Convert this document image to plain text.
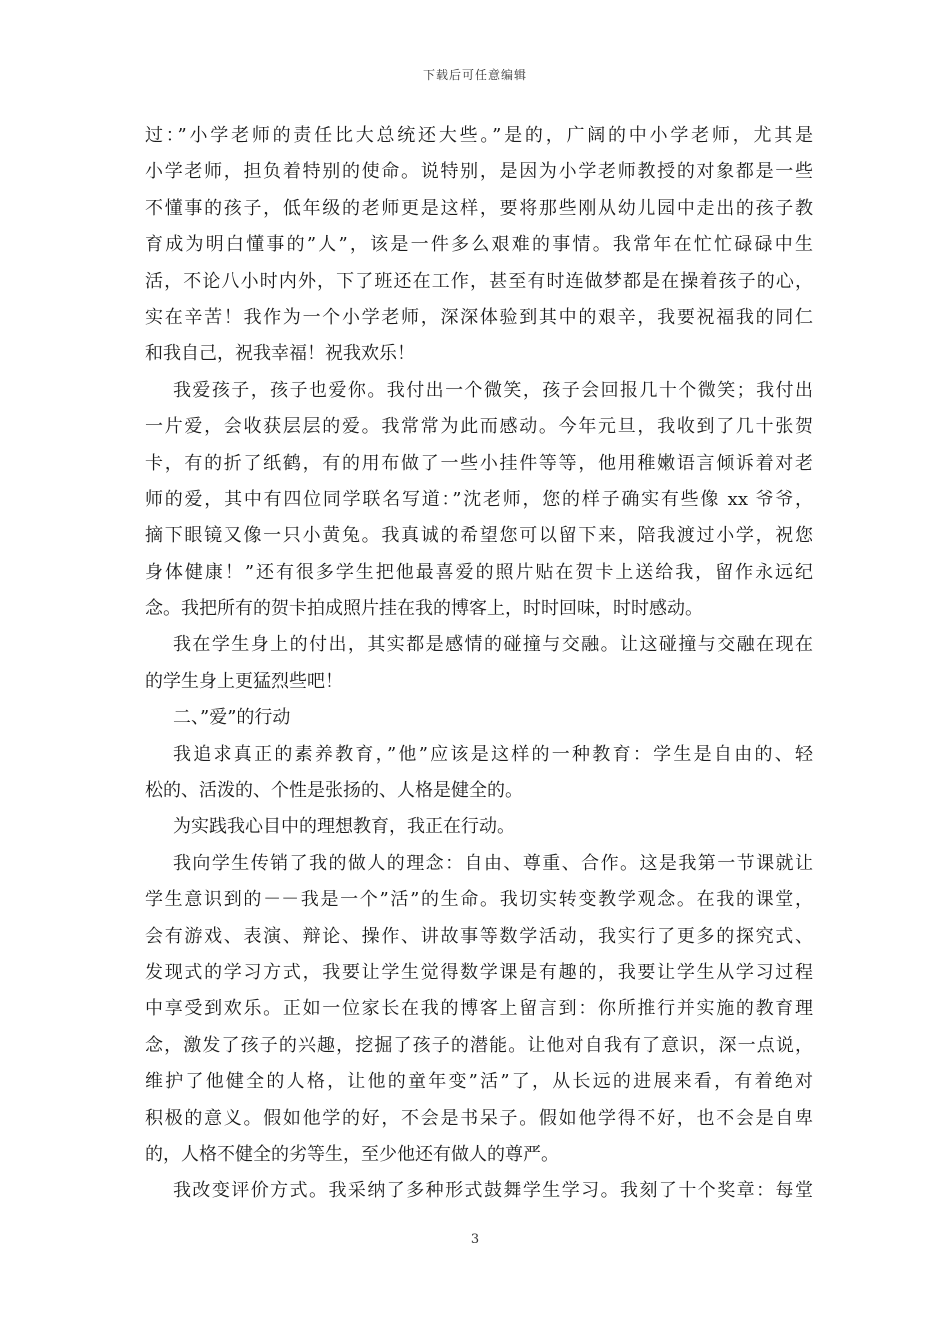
下载后可任意编辑
过：”小学老师的责任比大总统还大些。”是的，广阔的中小学老师，尤其是
小学老师，担负着特别的使命。说特别，是因为小学老师教授的对象都是一些
不懂事的孩子，低年级的老师更是这样，要将那些刚从幼儿园中走出的孩子教
育成为明白懂事的”人”，该是一件多么艰难的事情。我常年在忙忙碌碌中生
活，不论八小时内外，下了班还在工作，甚至有时连做梦都是在操着孩子的心，
实在辛苦！我作为一个小学老师，深深体验到其中的艰辛，我要祝福我的同仁
和我自己，祝我幸福！祝我欢乐！
我爱孩子，孩子也爱你。我付出一个微笑，孩子会回报几十个微笑；我付出
一片爱，会收获层层的爱。我常常为此而感动。今年元旦，我收到了几十张贺
卡，有的折了纸鹤，有的用布做了一些小挂件等等，他用稚嫩语言倾诉着对老
师的爱，其中有四位同学联名写道：”沈老师，您的样子确实有些像 xx 爷爷，
摘下眼镜又像一只小黄兔。我真诚的希望您可以留下来，陪我渡过小学，祝您
身体健康！”还有很多学生把他最喜爱的照片贴在贺卡上送给我，留作永远纪
念。我把所有的贺卡拍成照片挂在我的博客上，时时回味，时时感动。
我在学生身上的付出，其实都是感情的碰撞与交融。让这碰撞与交融在现在
的学生身上更猛烈些吧！
二、”爱”的行动
我追求真正的素养教育，”他”应该是这样的一种教育：学生是自由的、轻
松的、活泼的、个性是张扬的、人格是健全的。
为实践我心目中的理想教育，我正在行动。
我向学生传销了我的做人的理念：自由、尊重、合作。这是我第一节课就让
学生意识到的－－我是一个”活”的生命。我切实转变教学观念。在我的课堂，
会有游戏、表演、辩论、操作、讲故事等数学活动，我实行了更多的探究式、
发现式的学习方式，我要让学生觉得数学课是有趣的，我要让学生从学习过程
中享受到欢乐。正如一位家长在我的博客上留言到：你所推行并实施的教育理
念，激发了孩子的兴趣，挖掘了孩子的潜能。让他对自我有了意识，深一点说，
维护了他健全的人格，让他的童年变”活”了，从长远的进展来看，有着绝对
积极的意义。假如他学的好，不会是书呆子。假如他学得不好，也不会是自卑
的，人格不健全的劣等生，至少他还有做人的尊严。
我改变评价方式。我采纳了多种形式鼓舞学生学习。我刻了十个奖章：每堂
3
